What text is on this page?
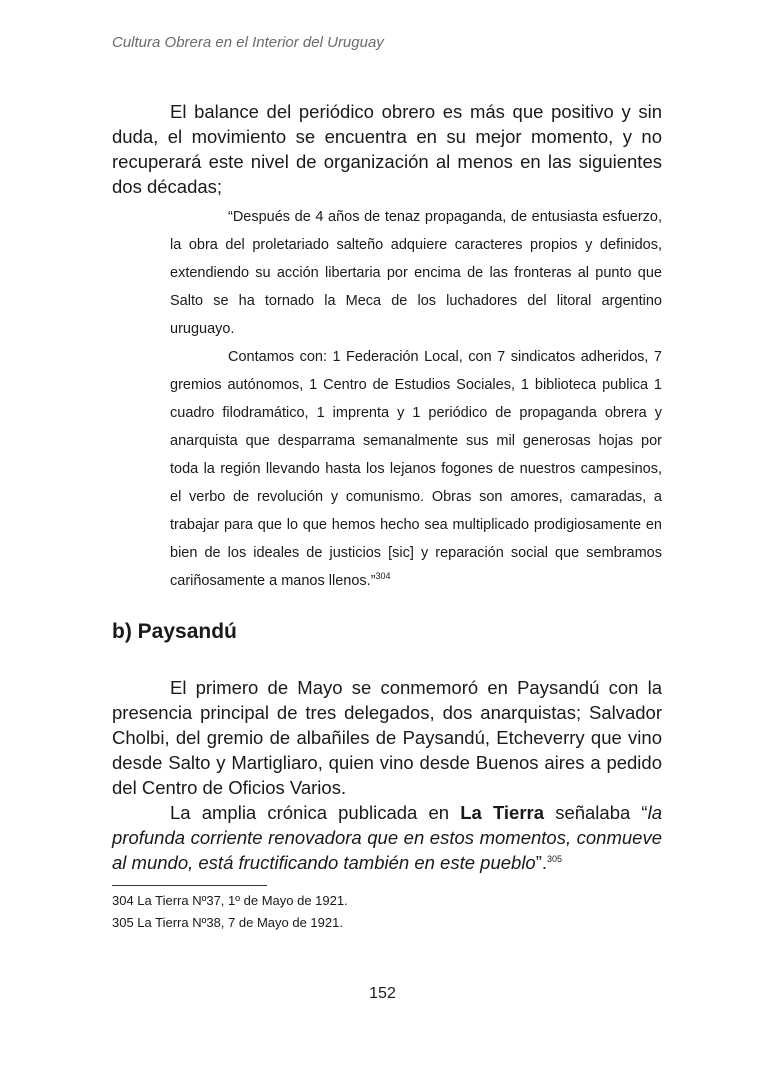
Cultura Obrera en el Interior del Uruguay

El balance del periódico obrero es más que positivo y sin duda, el movimiento se encuentra en su mejor momento, y no recuperará este nivel de organización al menos en las siguientes dos décadas;

“Después de 4 años de tenaz propaganda, de entusiasta esfuerzo, la obra del proletariado salteño adquiere caracteres propios y definidos, extendiendo su acción libertaria por encima de las fronteras al punto que Salto se ha tornado la Meca de los luchadores del litoral argentino uruguayo.

Contamos con: 1 Federación Local, con 7 sindicatos adheridos, 7 gremios autónomos, 1 Centro de Estudios Sociales, 1 biblioteca publica 1 cuadro filodramático, 1 imprenta y 1 periódico de propaganda obrera y anarquista que desparrama semanalmente sus mil generosas hojas por toda la región llevando hasta los lejanos fogones de nuestros campesinos, el verbo de revolución y comunismo. Obras son amores, camaradas, a trabajar para que lo que hemos hecho sea multiplicado prodigiosamente en bien de los ideales de justicios [sic] y reparación social que sembramos cariñosamente a manos llenos.”$^{304}$

b) Paysandú

El primero de Mayo se conmemoró en Paysandú con la presencia principal de tres delegados, dos anarquistas; Salvador Cholbi, del gremio de albañiles de Paysandú, Etcheverry que vino desde Salto y Martigliaro, quien vino desde Buenos aires a pedido del Centro de Oficios Varios.

La amplia crónica publicada en La Tierra señalaba “la profunda corriente renovadora que en estos momentos, conmueve al mundo, está fructificando también en este pueblo”.$^{305}$

304 La Tierra Nº37, 1º de Mayo de 1921.
305 La Tierra Nº38, 7 de Mayo de 1921.
152
